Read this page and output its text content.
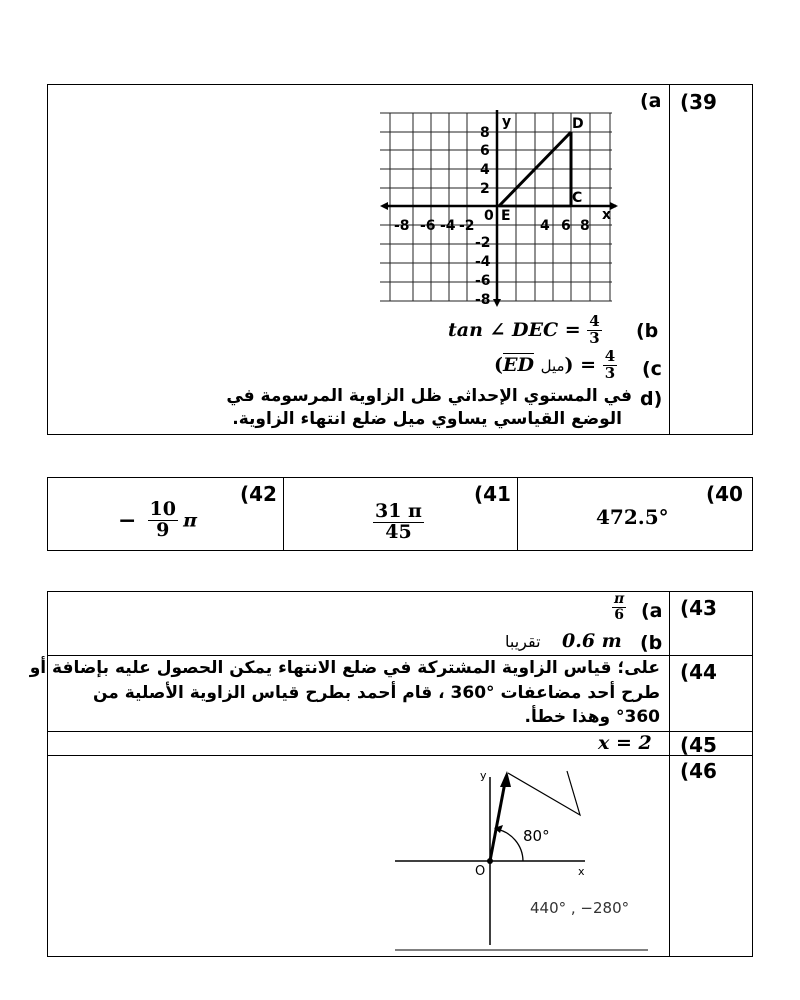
(39
(a
y
x
D
C
E
0
8
6
4
2
-2
-8 -6 -4 -2	4 6 8
-4
-6
-8
tan ∠ DEC = $\frac{4}{3} (b$
($\overline{ED}$ ميل) = $\frac{4}{3} (c$
d)
في المستوي الإحداثي ظل الزاوية المرسومة في
الوضع القياسي يساوي ميل ضلع انتهاء الزاوية.
(40
472.5°
(41
$\frac{31 \pi}{45}$
(42
− $\frac{10}{9}$ π
(43
(a
$\frac{\pi}{6}$
(b
0.6 m
تقريبا
(44
على؛ قياس الزاوية المشتركة في ضلع الانتهاء يمكن الحصول عليه بإضافة أو
طرح أحد مضاعفات °360 ، قام أحمد بطرح قياس الزاوية الأصلية من
°360 وهذا خطأ.
(45
x = 2
(46
80°
O
y
x
440° , −280°
